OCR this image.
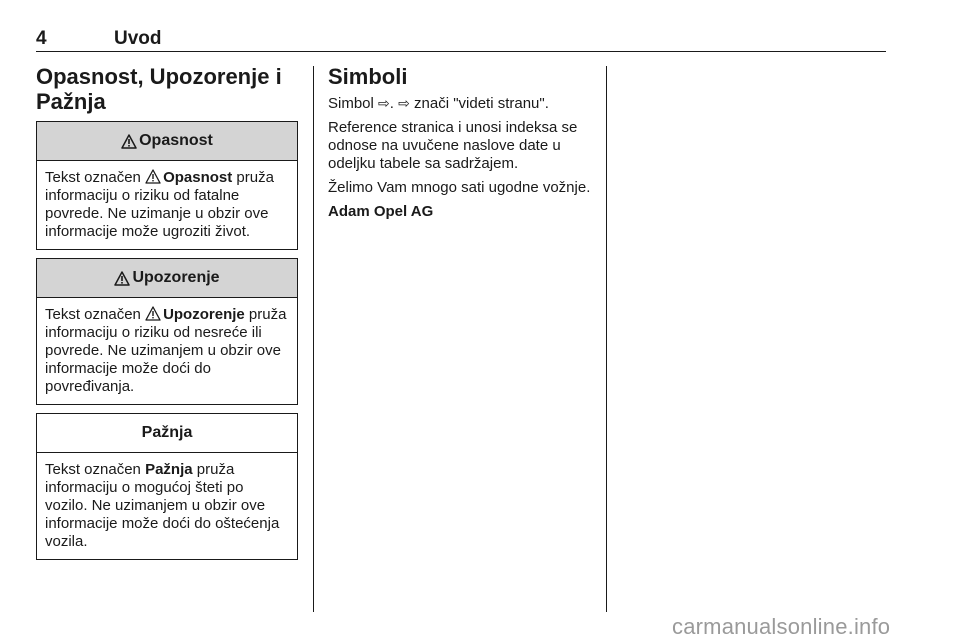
4	Uvod
Opasnost, Upozorenje i Pažnja
Opasnost
Tekst označen
Opasnost pruža informaciju o riziku od fatalne povrede. Ne uzimanje u obzir ove informacije može ugroziti život.
Upozorenje
Tekst označen
Upozorenje pruža informaciju o riziku od nesreće ili povrede. Ne uzimanjem u obzir ove informacije može doći do povređivanja.
Pažnja
Tekst označen Pažnja pruža informaciju o mogućoj šteti po vozilo. Ne uzimanjem u obzir ove informacije može doći do oštećenja vozila.
Simboli

Simbol ⇨. ⇨ znači "videti stranu".

Reference stranica i unosi indeksa se odnose na uvučene naslove date u odeljku tabele sa sadržajem.

Želimo Vam mnogo sati ugodne vožnje.

Adam Opel AG

carmanualsonline.info
